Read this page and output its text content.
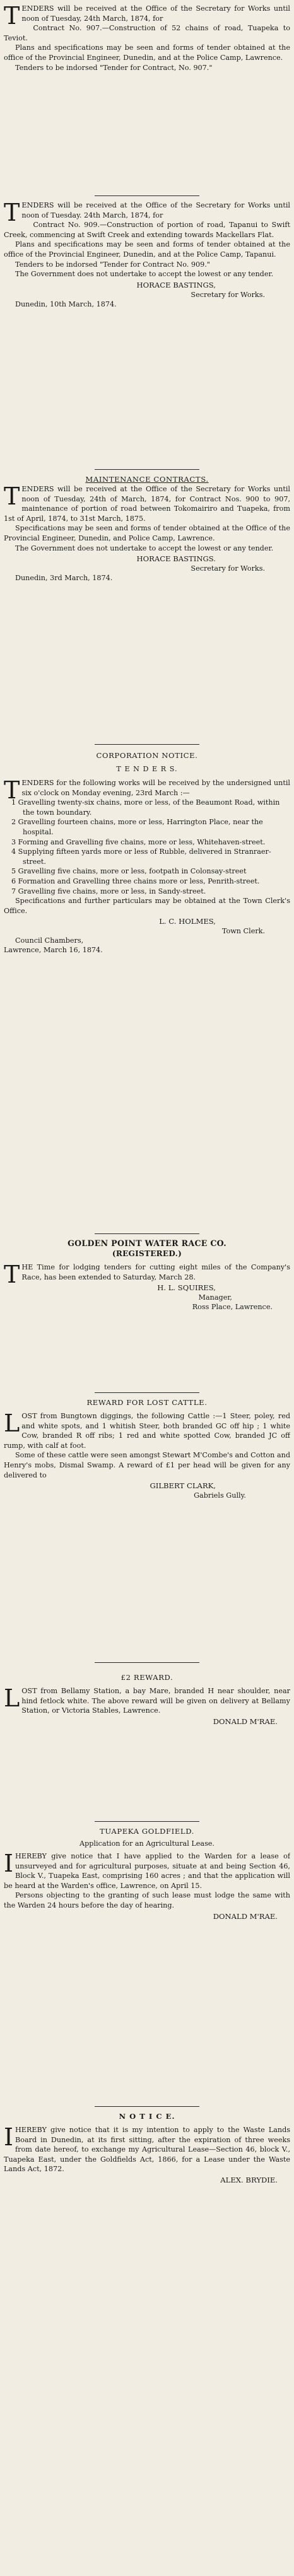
TENDERS will be received at the Office of the Secretary for Works until noon of Tuesday, 24th March, 1874, for

Contract No. 907.—Construction of 52 chains of road, Tuapeka to Teviot.

Plans and specifications may be seen and forms of tender obtained at the office of the Provincial Engineer, Dunedin, and at the Police Camp, Lawrence.

Tenders to be indorsed "Tender for Contract, No. 907."

TENDERS will be received at the Office of the Secretary for Works until noon of Tuesday. 24th March, 1874, for

Contract No. 909.—Construction of portion of road, Tapanui to Swift Creek, commencing at Swift Creek and extending towards Mackellars Flat.

Plans and specifications may be seen and forms of tender obtained at the office of the Provincial Engineer, Dunedin, and at the Police Camp, Tapanui.

Tenders to be indorsed "Tender for Contract No. 909."

The Government does not undertake to accept the lowest or any tender.

HORACE BASTINGS,

Secretary for Works.

Dunedin, 10th March, 1874.

MAINTENANCE CONTRACTS.

TENDERS will be received at the Office of the Secretary for Works until noon of Tuesday, 24th of March, 1874, for Contract Nos. 900 to 907, maintenance of portion of road between Tokomairiro and Tuapeka, from 1st of April, 1874, to 31st March, 1875.

Specifications may be seen and forms of tender obtained at the Office of the Provincial Engineer, Dunedin, and Police Camp, Lawrence.

The Government does not undertake to accept the lowest or any tender.

HORACE BASTINGS.

Secretary for Works.

Dunedin, 3rd March, 1874.

CORPORATION NOTICE.

T E N D E R S.

TENDERS for the following works will be received by the undersigned until six o'clock on Monday evening, 23rd March :—

1 Gravelling twenty-six chains, more or less, of the Beaumont Road, within the town boundary.

2 Gravelling fourteen chains, more or less, Harrington Place, near the hospital.

3 Forming and Gravelling five chains, more or less, Whitehaven-street.

4 Supplying fifteen yards more or less of Rubble, delivered in Stranraer-street.

5 Gravelling five chains, more or less, footpath in Colonsay-street

6 Formation and Gravelling three chains more or less, Penrith-street.

7 Gravelling five chains, more or less, in Sandy-street.

Specifications and further particulars may be obtained at the Town Clerk's Office.

L. C. HOLMES,

Town Clerk.

Council Chambers,

Lawrence, March 16, 1874.

GOLDEN POINT WATER RACE CO.

(REGISTERED.)

THE Time for lodging tenders for cutting eight miles of the Company's Race, has been extended to Saturday, March 28.

H. L. SQUIRES,

Manager,

Ross Place, Lawrence.

REWARD FOR LOST CATTLE.

LOST from Bungtown diggings, the following Cattle :—1 Steer, poley, red and white spots, and 1 whitish Steer, both branded GC off hip ; 1 white Cow, branded R off ribs; 1 red and white spotted Cow, branded JC off rump, with calf at foot.

Some of these cattle were seen amongst Stewart M'Combe's and Cotton and Henry's mobs, Dismal Swamp. A reward of £1 per head will be given for any delivered to

GILBERT CLARK,

Gabriels Gully.

£2 REWARD.

LOST from Bellamy Station, a bay Mare, branded H near shoulder, near hind fetlock white. The above reward will be given on delivery at Bellamy Station, or Victoria Stables, Lawrence.

DONALD M'RAE.

TUAPEKA GOLDFIELD.

Application for an Agricultural Lease.

IHEREBY give notice that I have applied to the Warden for a lease of unsurveyed and for agricultural purposes, situate at and being Section 46, Block V., Tuapeka East, comprising 160 acres ; and that the application will be heard at the Warden's office, Lawrence, on April 15.

Persons objecting to the granting of such lease must lodge the same with the Warden 24 hours before the day of hearing.

DONALD M'RAE.

N O T I C E.

IHEREBY give notice that it is my intention to apply to the Waste Lands Board in Dunedin, at its first sitting, after the expiration of three weeks from date hereof, to exchange my Agricultural Lease—Section 46, block V., Tuapeka East, under the Goldfields Act, 1866, for a Lease under the Waste Lands Act, 1872.

ALEX. BRYDIE.
